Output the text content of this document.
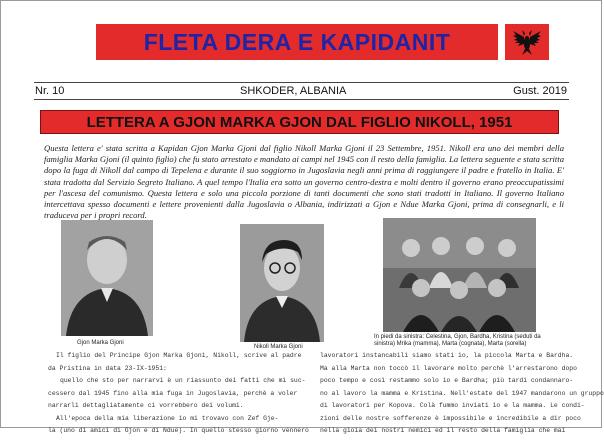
FLETA DERA E KAPIDANIT
Nr. 10	SHKODER, ALBANIA	Gust. 2019
LETTERA A GJON MARKA GJON DAL FIGLIO NIKOLL, 1951

Questa lettera e' stata scritta a Kapidan Gjon Marka Gjoni dal figlio Nikoll Marka Gjoni il 23 Settembre, 1951. Nikoll era uno dei membri della famiglia Marka Gjoni (il quinto figlio) che fu stato arrestato e mandato ai campi nel 1945 con il resto della famiglia. La lettera seguente e stata scritta dopo la fuga di Nikoll dal campo di Tepelena e durante il suo soggiorno in Jugoslavia negli anni prima di raggiungere il padre e fratello in Italia. E' stata tradotta dal Servizio Segreto Italiano. A quel tempo l'Italia era sotto un governo centro-destra e molti dentro il governo erano preoccupatissimi per l'ascesa del comunismo. Questa lettera e solo una piccola porzione di tanti documenti che sono stati tradotti in Italiano. Il governo Italiano intercettava spesso documenti e lettere provenienti dalla Jugoslavia o Albania, indirizzati a Gjon e Ndue Marka Gjoni, prima di consegnarli, e li traduceva per i propri record.

Gjon Marka Gjoni
Nikoll Marka Gjoni
In piedi da sinistra: Celestina, Gjon, Bardha, Kristina (seduti da sinistra) Mrika (mamma), Marta (cognata), Marta (sorella)
Il figlio del Principe Gjon Marka Gjoni, Nikoll, scrive al padre
da Pristina in data 23-IX-1951:
quello che sto per narrarvi è un riassunto dei fatti che mi suc-
cessero dal 1945 fino alla mia fuga in Jugoslavia, perchè a voler
narrarli dettagliatamente ci vorrebbero dei volumi.
All'epoca della mia liberazione io mi trovavo con Zef Gje-
la (uno di amici di Gjon e di Ndue). In quello stesso giorno vennero
lavoratori instancabili siamo stati io, la piccola Marta e Bardha.
Ma alla Marta non toccò il lavorare molto perchè l'arrestarono dopo
poco tempo e così restammo solo io e Bardha; più tardi condannaro-
no al lavoro la mamma e Kristina. Nell'estate del 1947 mandarono un gruppo
di lavoratori per Kopova. Colà fummo inviati io e la mamma. Le condi-
zioni delle nostre sofferenze è impossibile e incredibile a dir poco
nella gioia dei nostri nemici ed il resto della famiglia che mai
